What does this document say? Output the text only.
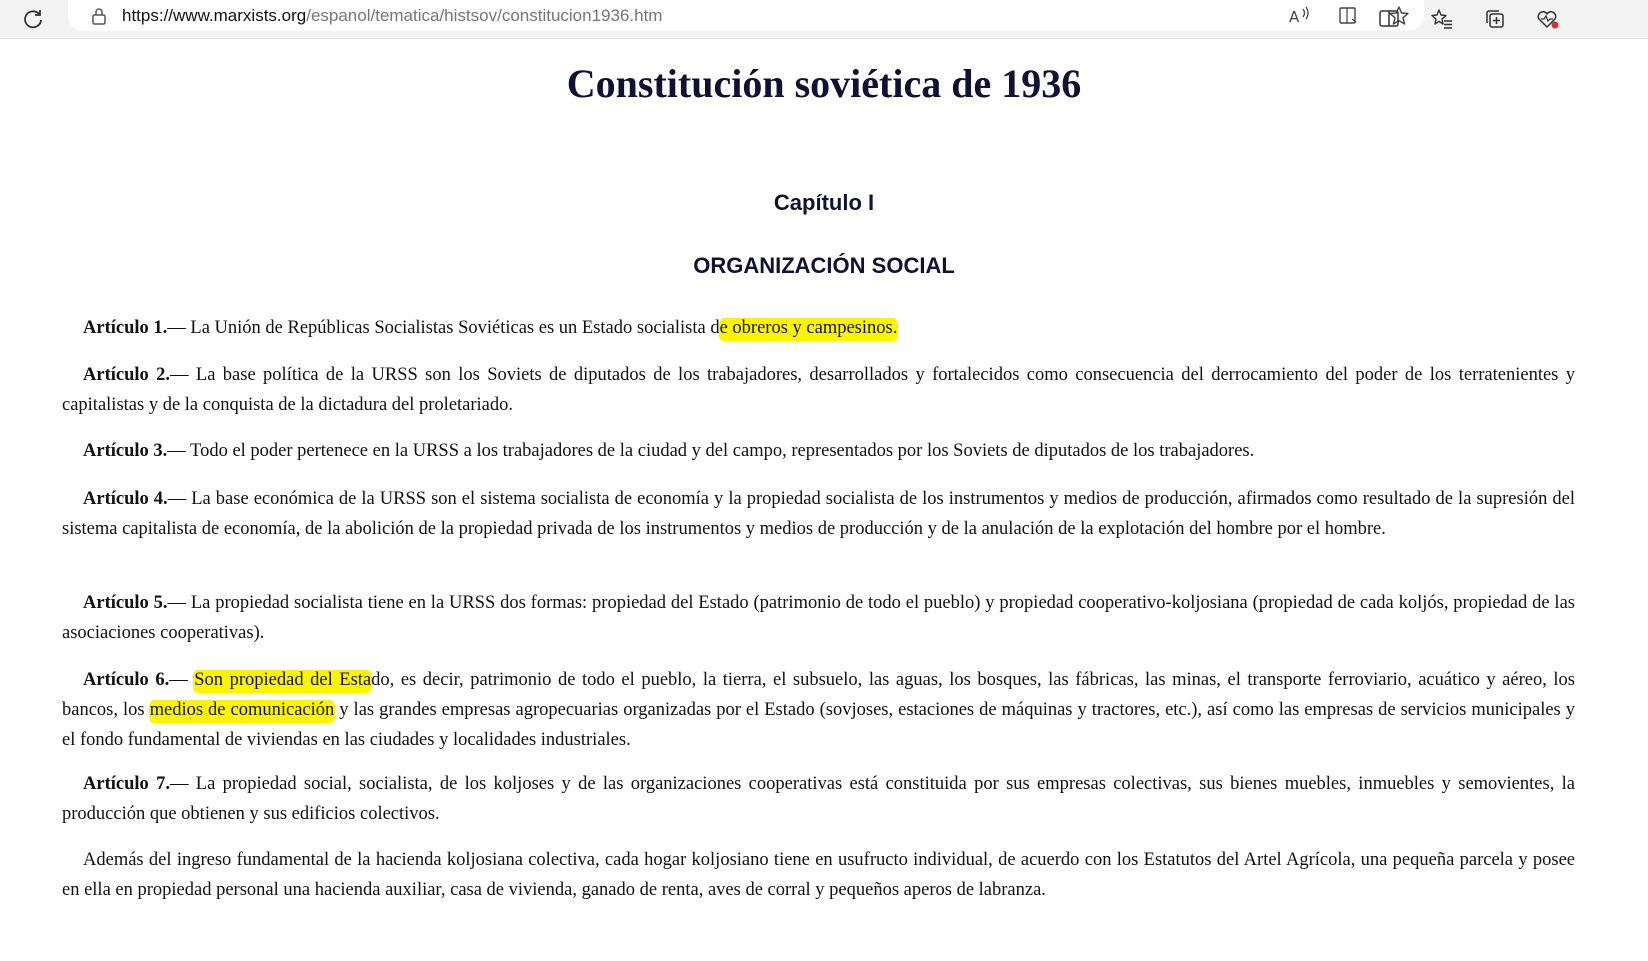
https://www.marxists.org/espanol/tematica/histsov/constitucion1936.htm	A
Constitución soviética de 1936
Capítulo I
ORGANIZACIÓN SOCIAL

Artículo 1.— La Unión de Repúblicas Socialistas Soviéticas es un Estado socialista de obreros y campesinos.

Artículo 2.— La base política de la URSS son los Soviets de diputados de los trabajadores, desarrollados y fortalecidos como consecuencia del derrocamiento del poder de los terratenientes y capitalistas y de la conquista de la dictadura del proletariado.

Artículo 3.— Todo el poder pertenece en la URSS a los trabajadores de la ciudad y del campo, representados por los Soviets de diputados de los trabajadores.

Artículo 4.— La base económica de la URSS son el sistema socialista de economía y la propiedad socialista de los instrumentos y medios de producción, afirmados como resultado de la supresión del sistema capitalista de economía, de la abolición de la propiedad privada de los instrumentos y medios de producción y de la anulación de la explotación del hombre por el hombre.

Artículo 5.— La propiedad socialista tiene en la URSS dos formas: propiedad del Estado (patrimonio de todo el pueblo) y propiedad cooperativo-koljosiana (propiedad de cada koljós, propiedad de las asociaciones cooperativas).

Artículo 6.— Son propiedad del Estado, es decir, patrimonio de todo el pueblo, la tierra, el subsuelo, las aguas, los bosques, las fábricas, las minas, el transporte ferroviario, acuático y aéreo, los bancos, los medios de comunicación y las grandes empresas agropecuarias organizadas por el Estado (sovjoses, estaciones de máquinas y tractores, etc.), así como las empresas de servicios municipales y el fondo fundamental de viviendas en las ciudades y localidades industriales.

Artículo 7.— La propiedad social, socialista, de los koljoses y de las organizaciones cooperativas está constituida por sus empresas colectivas, sus bienes muebles, inmuebles y semovientes, la producción que obtienen y sus edificios colectivos.

Además del ingreso fundamental de la hacienda koljosiana colectiva, cada hogar koljosiano tiene en usufructo individual, de acuerdo con los Estatutos del Artel Agrícola, una pequeña parcela y posee en ella en propiedad personal una hacienda auxiliar, casa de vivienda, ganado de renta, aves de corral y pequeños aperos de labranza.
